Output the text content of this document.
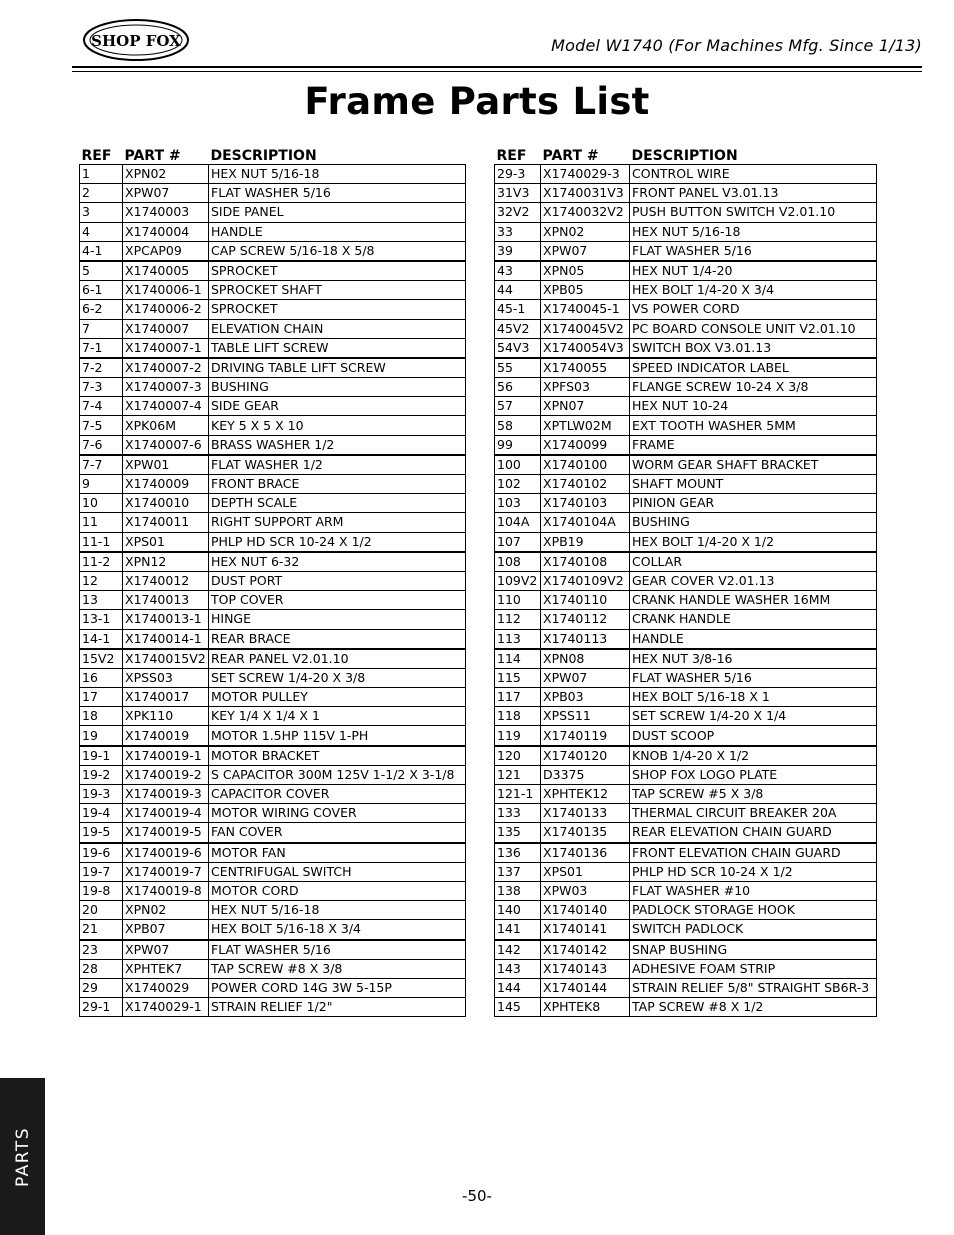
SHOP FOX	Model W1740 (For Machines Mfg. Since 1/13)
Frame Parts List
REF	PART #	DESCRIPTION
1	XPN02	HEX NUT 5/16-18
2	XPW07	FLAT WASHER 5/16
3	X1740003	SIDE PANEL
4	X1740004	HANDLE
4-1	XPCAP09	CAP SCREW 5/16-18 X 5/8
5	X1740005	SPROCKET
6-1	X1740006-1	SPROCKET SHAFT
6-2	X1740006-2	SPROCKET
7	X1740007	ELEVATION CHAIN
7-1	X1740007-1	TABLE LIFT SCREW
7-2	X1740007-2	DRIVING TABLE LIFT SCREW
7-3	X1740007-3	BUSHING
7-4	X1740007-4	SIDE GEAR
7-5	XPK06M	KEY 5 X 5 X 10
7-6	X1740007-6	BRASS WASHER 1/2
7-7	XPW01	FLAT WASHER 1/2
9	X1740009	FRONT BRACE
10	X1740010	DEPTH SCALE
11	X1740011	RIGHT SUPPORT ARM
11-1	XPS01	PHLP HD SCR 10-24 X 1/2
11-2	XPN12	HEX NUT 6-32
12	X1740012	DUST PORT
13	X1740013	TOP COVER
13-1	X1740013-1	HINGE
14-1	X1740014-1	REAR BRACE
15V2	X1740015V2	REAR PANEL V2.01.10
16	XPSS03	SET SCREW 1/4-20 X 3/8
17	X1740017	MOTOR PULLEY
18	XPK110	KEY 1/4 X 1/4 X 1
19	X1740019	MOTOR 1.5HP 115V 1-PH
19-1	X1740019-1	MOTOR BRACKET
19-2	X1740019-2	S CAPACITOR 300M 125V 1-1/2 X 3-1/8
19-3	X1740019-3	CAPACITOR COVER
19-4	X1740019-4	MOTOR WIRING COVER
19-5	X1740019-5	FAN COVER
19-6	X1740019-6	MOTOR FAN
19-7	X1740019-7	CENTRIFUGAL SWITCH
19-8	X1740019-8	MOTOR CORD
20	XPN02	HEX NUT 5/16-18
21	XPB07	HEX BOLT 5/16-18 X 3/4
23	XPW07	FLAT WASHER 5/16
28	XPHTEK7	TAP SCREW #8 X 3/8
29	X1740029	POWER CORD 14G 3W 5-15P
29-1	X1740029-1	STRAIN RELIEF 1/2"
REF	PART #	DESCRIPTION
29-3	X1740029-3	CONTROL WIRE
31V3	X1740031V3	FRONT PANEL V3.01.13
32V2	X1740032V2	PUSH BUTTON SWITCH V2.01.10
33	XPN02	HEX NUT 5/16-18
39	XPW07	FLAT WASHER 5/16
43	XPN05	HEX NUT 1/4-20
44	XPB05	HEX BOLT 1/4-20 X 3/4
45-1	X1740045-1	VS POWER CORD
45V2	X1740045V2	PC BOARD CONSOLE UNIT V2.01.10
54V3	X1740054V3	SWITCH BOX V3.01.13
55	X1740055	SPEED INDICATOR LABEL
56	XPFS03	FLANGE SCREW 10-24 X 3/8
57	XPN07	HEX NUT 10-24
58	XPTLW02M	EXT TOOTH WASHER 5MM
99	X1740099	FRAME
100	X1740100	WORM GEAR SHAFT BRACKET
102	X1740102	SHAFT MOUNT
103	X1740103	PINION GEAR
104A	X1740104A	BUSHING
107	XPB19	HEX BOLT 1/4-20 X 1/2
108	X1740108	COLLAR
109V2	X1740109V2	GEAR COVER V2.01.13
110	X1740110	CRANK HANDLE WASHER 16MM
112	X1740112	CRANK HANDLE
113	X1740113	HANDLE
114	XPN08	HEX NUT 3/8-16
115	XPW07	FLAT WASHER 5/16
117	XPB03	HEX BOLT 5/16-18 X 1
118	XPSS11	SET SCREW 1/4-20 X 1/4
119	X1740119	DUST SCOOP
120	X1740120	KNOB 1/4-20 X 1/2
121	D3375	SHOP FOX LOGO PLATE
121-1	XPHTEK12	TAP SCREW #5 X 3/8
133	X1740133	THERMAL CIRCUIT BREAKER 20A
135	X1740135	REAR ELEVATION CHAIN GUARD
136	X1740136	FRONT ELEVATION CHAIN GUARD
137	XPS01	PHLP HD SCR 10-24 X 1/2
138	XPW03	FLAT WASHER #10
140	X1740140	PADLOCK STORAGE HOOK
141	X1740141	SWITCH PADLOCK
142	X1740142	SNAP BUSHING
143	X1740143	ADHESIVE FOAM STRIP
144	X1740144	STRAIN RELIEF 5/8" STRAIGHT SB6R-3
145	XPHTEK8	TAP SCREW #8 X 1/2
PARTS
-50-
